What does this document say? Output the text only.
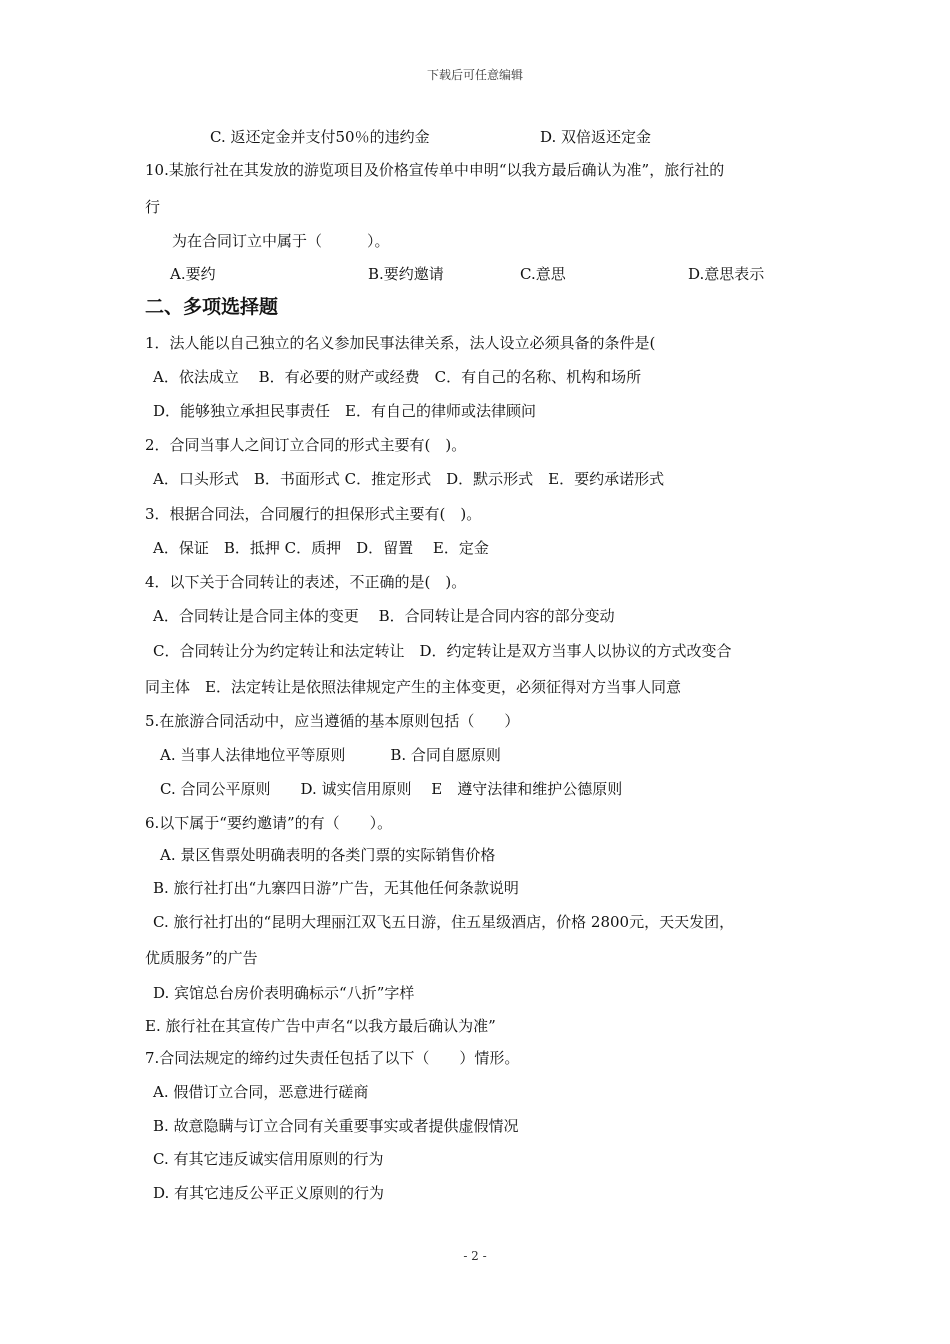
下载后可任意编辑
C. 返还定金并支付50％的违约金	D. 双倍返还定金
10.某旅行社在其发放的游览项目及价格宣传单中申明“以我方最后确认为准”，旅行社的
行
为在合同订立中属于（　　　）。
A.要约	B.要约邀请	C.意思	D.意思表示
二、多项选择题
1．法人能以自己独立的名义参加民事法律关系，法人设立必须具备的条件是(
A．依法成立　 B．有必要的财产或经费　C．有自己的名称、机构和场所
D．能够独立承担民事责任　E．有自己的律师或法律顾问
2．合同当事人之间订立合同的形式主要有(　)。
A．口头形式　B．书面形式 C．推定形式　D．默示形式　E．要约承诺形式
3．根据合同法，合同履行的担保形式主要有(　)。
A．保证　B．抵押 C．质押　D．留置　 E．定金
4．以下关于合同转让的表述，不正确的是(　)。
A．合同转让是合同主体的变更　 B．合同转让是合同内容的部分变动
C．合同转让分为约定转让和法定转让　D．约定转让是双方当事人以协议的方式改变合
同主体　E．法定转让是依照法律规定产生的主体变更，必须征得对方当事人同意
5.在旅游合同活动中，应当遵循的基本原则包括（　　）
A. 当事人法律地位平等原则　　　B. 合同自愿原则
C. 合同公平原则　　D. 诚实信用原则　 E　遵守法律和维护公德原则
6.以下属于“要约邀请”的有（　　）。
A. 景区售票处明确表明的各类门票的实际销售价格
B. 旅行社打出“九寨四日游”广告，无其他任何条款说明
C. 旅行社打出的“昆明大理丽江双飞五日游，住五星级酒店，价格 2800元，天天发团，
优质服务”的广告
D. 宾馆总台房价表明确标示“八折”字样
E. 旅行社在其宣传广告中声名“以我方最后确认为准”
7.合同法规定的缔约过失责任包括了以下（　　）情形。
A. 假借订立合同，恶意进行磋商
B. 故意隐瞒与订立合同有关重要事实或者提供虚假情况
C. 有其它违反诚实信用原则的行为
D. 有其它违反公平正义原则的行为
- 2 -
